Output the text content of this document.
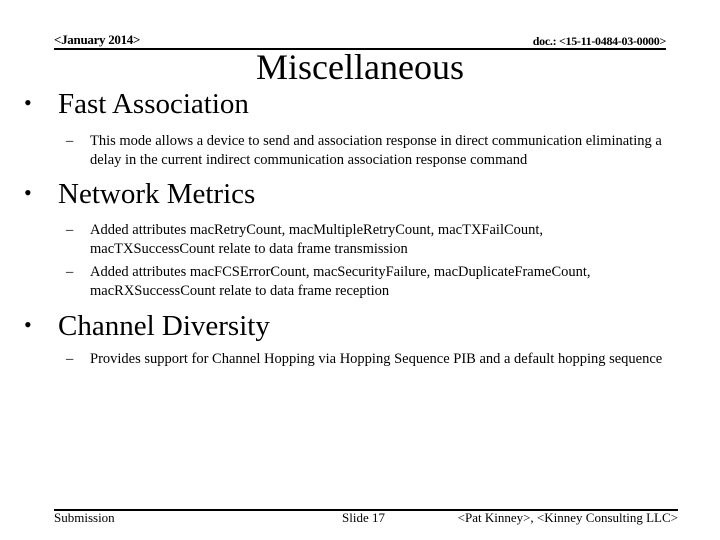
<January 2014>	doc.: <15-11-0484-03-0000>
Miscellaneous
• Fast Association
– This mode allows a device to send and association response in direct communication eliminating a delay in the current indirect communication association response command
• Network Metrics
– Added attributes macRetryCount, macMultipleRetryCount, macTXFailCount, macTXSuccessCount relate to data frame transmission
– Added attributes macFCSErrorCount, macSecurityFailure, macDuplicateFrameCount, macRXSuccessCount relate to data frame reception
• Channel Diversity
– Provides support for Channel Hopping via Hopping Sequence PIB and a default hopping sequence
Submission	Slide 17	<Pat Kinney>, <Kinney Consulting LLC>
